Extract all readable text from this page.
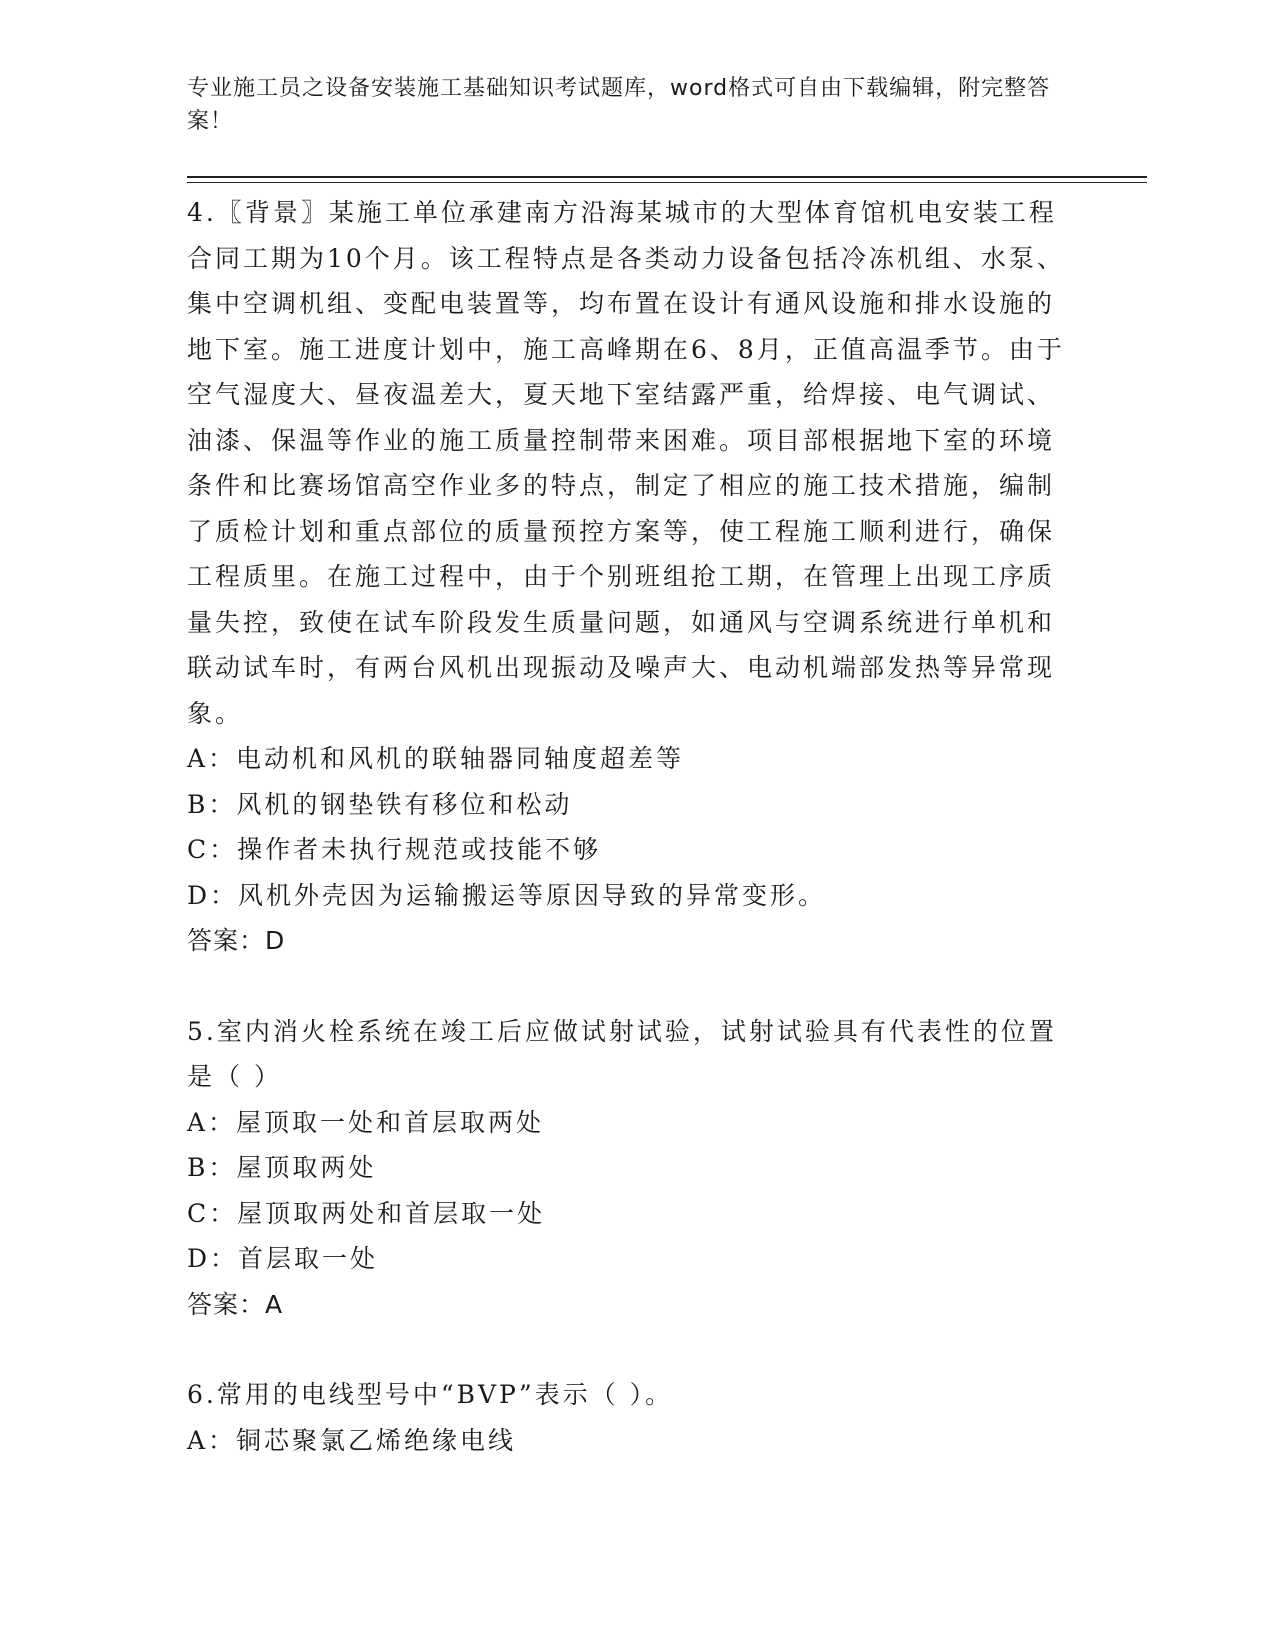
专业施工员之设备安装施工基础知识考试题库，word格式可自由下载编辑，附完整答案！

4.〖背景〗某施工单位承建南方沿海某城市的大型体育馆机电安装工程合同工期为10个月。该工程特点是各类动力设备包括冷冻机组、水泵、集中空调机组、变配电装置等，均布置在设计有通风设施和排水设施的地下室。施工进度计划中，施工高峰期在6、8月，正值高温季节。由于空气湿度大、昼夜温差大，夏天地下室结露严重，给焊接、电气调试、油漆、保温等作业的施工质量控制带来困难。项目部根据地下室的环境条件和比赛场馆高空作业多的特点，制定了相应的施工技术措施，编制了质检计划和重点部位的质量预控方案等，使工程施工顺利进行，确保工程质里。在施工过程中，由于个别班组抢工期，在管理上出现工序质量失控，致使在试车阶段发生质量问题，如通风与空调系统进行单机和联动试车时，有两台风机出现振动及噪声大、电动机端部发热等异常现象。

A：电动机和风机的联轴器同轴度超差等

B：风机的钢垫铁有移位和松动

C：操作者未执行规范或技能不够

D：风机外壳因为运输搬运等原因导致的异常变形。

答案：D

5.室内消火栓系统在竣工后应做试射试验，试射试验具有代表性的位置是（ ）

A：屋顶取一处和首层取两处

B：屋顶取两处

C：屋顶取两处和首层取一处

D：首层取一处

答案：A

6.常用的电线型号中“BVP”表示（ ）。

A：铜芯聚氯乙烯绝缘电线
